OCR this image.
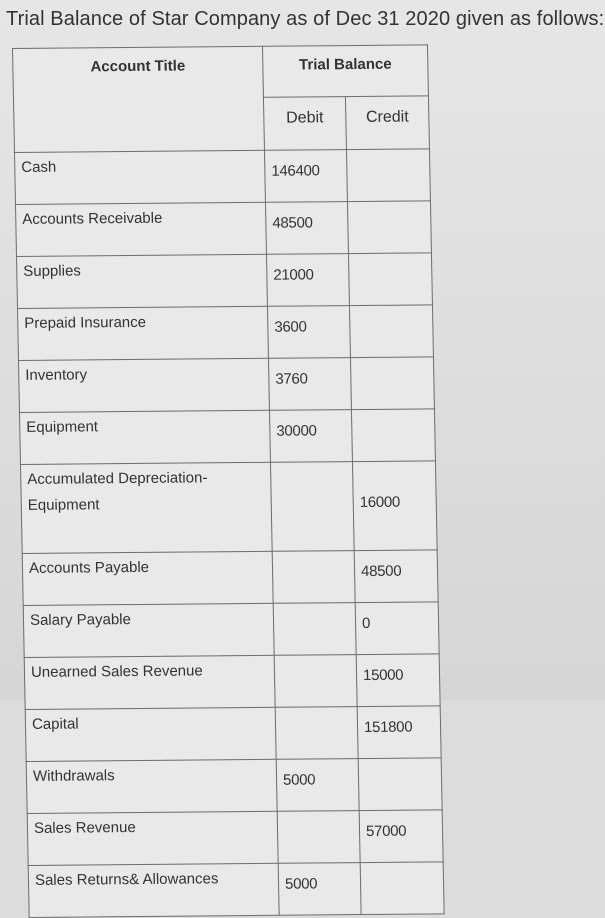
Trial Balance of Star Company as of Dec 31 2020 given as follows:
Account Title	Trial Balance	
	Debit	Credit
Cash	146400	
Accounts Receivable	48500	
Supplies	21000	
Prepaid Insurance	3600	
Inventory	3760	
Equipment	30000	
Accumulated Depreciation-Equipment		16000
Accounts Payable		48500
Salary Payable		0
Unearned Sales Revenue		15000
Capital		151800
Withdrawals	5000	
Sales Revenue		57000
Sales Returns& Allowances	5000	
